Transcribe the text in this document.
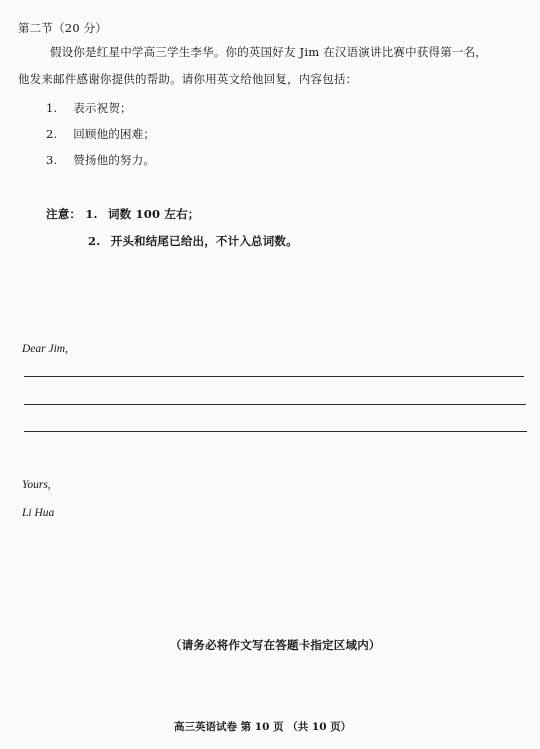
第二节（20 分）
假设你是红星中学高三学生李华。你的英国好友 Jim 在汉语演讲比赛中获得第一名，
他发来邮件感谢你提供的帮助。请你用英文给他回复，内容包括：
1. 表示祝贺；
2. 回顾他的困难；
3. 赞扬他的努力。
注意： 1. 词数 100 左右；
2. 开头和结尾已给出，不计入总词数。
Dear Jim,
Yours,
Li Hua
（请务必将作文写在答题卡指定区域内）
高三英语试卷 第 10 页 （共 10 页）
